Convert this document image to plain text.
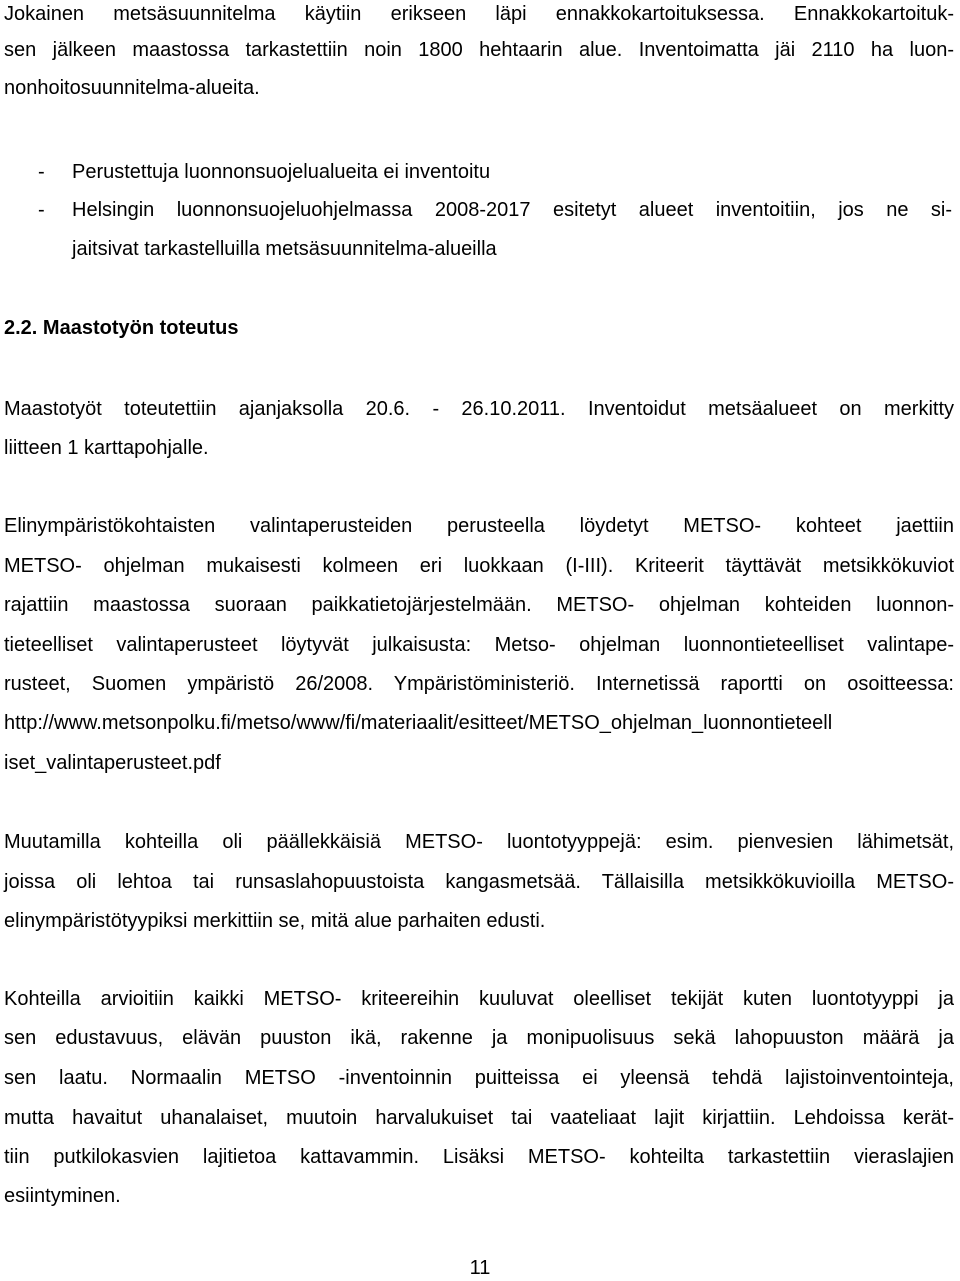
Jokainen metsäsuunnitelma käytiin erikseen läpi ennakkokartoituksessa. Ennakkokartoituk-
sen jälkeen maastossa tarkastettiin noin 1800 hehtaarin alue. Inventoimatta jäi 2110 ha luon-
nonhoitosuunnitelma-alueita.
- Perustettuja luonnonsuojelualueita ei inventoitu
- Helsingin luonnonsuojeluohjelmassa 2008-2017 esitetyt alueet inventoitiin, jos ne si-
jaitsivat tarkastelluilla metsäsuunnitelma-alueilla
2.2. Maastotyön toteutus
Maastotyöt toteutettiin ajanjaksolla 20.6. - 26.10.2011. Inventoidut metsäalueet on merkitty
liitteen 1 karttapohjalle.
Elinympäristökohtaisten valintaperusteiden perusteella löydetyt METSO- kohteet jaettiin
METSO- ohjelman mukaisesti kolmeen eri luokkaan (I-III). Kriteerit täyttävät metsikkökuviot
rajattiin maastossa suoraan paikkatietojärjestelmään. METSO- ohjelman kohteiden luonnon-
tieteelliset valintaperusteet löytyvät julkaisusta: Metso- ohjelman luonnontieteelliset valintape-
rusteet, Suomen ympäristö 26/2008. Ympäristöministeriö. Internetissä raportti on osoitteessa:
http://www.metsonpolku.fi/metso/www/fi/materiaalit/esitteet/METSO_ohjelman_luonnontieteell
iset_valintaperusteet.pdf
Muutamilla kohteilla oli päällekkäisiä METSO- luontotyyppejä: esim. pienvesien lähimetsät,
joissa oli lehtoa tai runsaslahopuustoista kangasmetsää. Tällaisilla metsikkökuvioilla METSO-
elinympäristötyypiksi merkittiin se, mitä alue parhaiten edusti.
Kohteilla arvioitiin kaikki METSO- kriteereihin kuuluvat oleelliset tekijät kuten luontotyyppi ja
sen edustavuus, elävän puuston ikä, rakenne ja monipuolisuus sekä lahopuuston määrä ja
sen laatu. Normaalin METSO -inventoinnin puitteissa ei yleensä tehdä lajistoinventointeja,
mutta havaitut uhanalaiset, muutoin harvalukuiset tai vaateliaat lajit kirjattiin. Lehdoissa kerät-
tiin putkilokasvien lajitietoa kattavammin. Lisäksi METSO- kohteilta tarkastettiin vieraslajien
esiintyminen.
11
